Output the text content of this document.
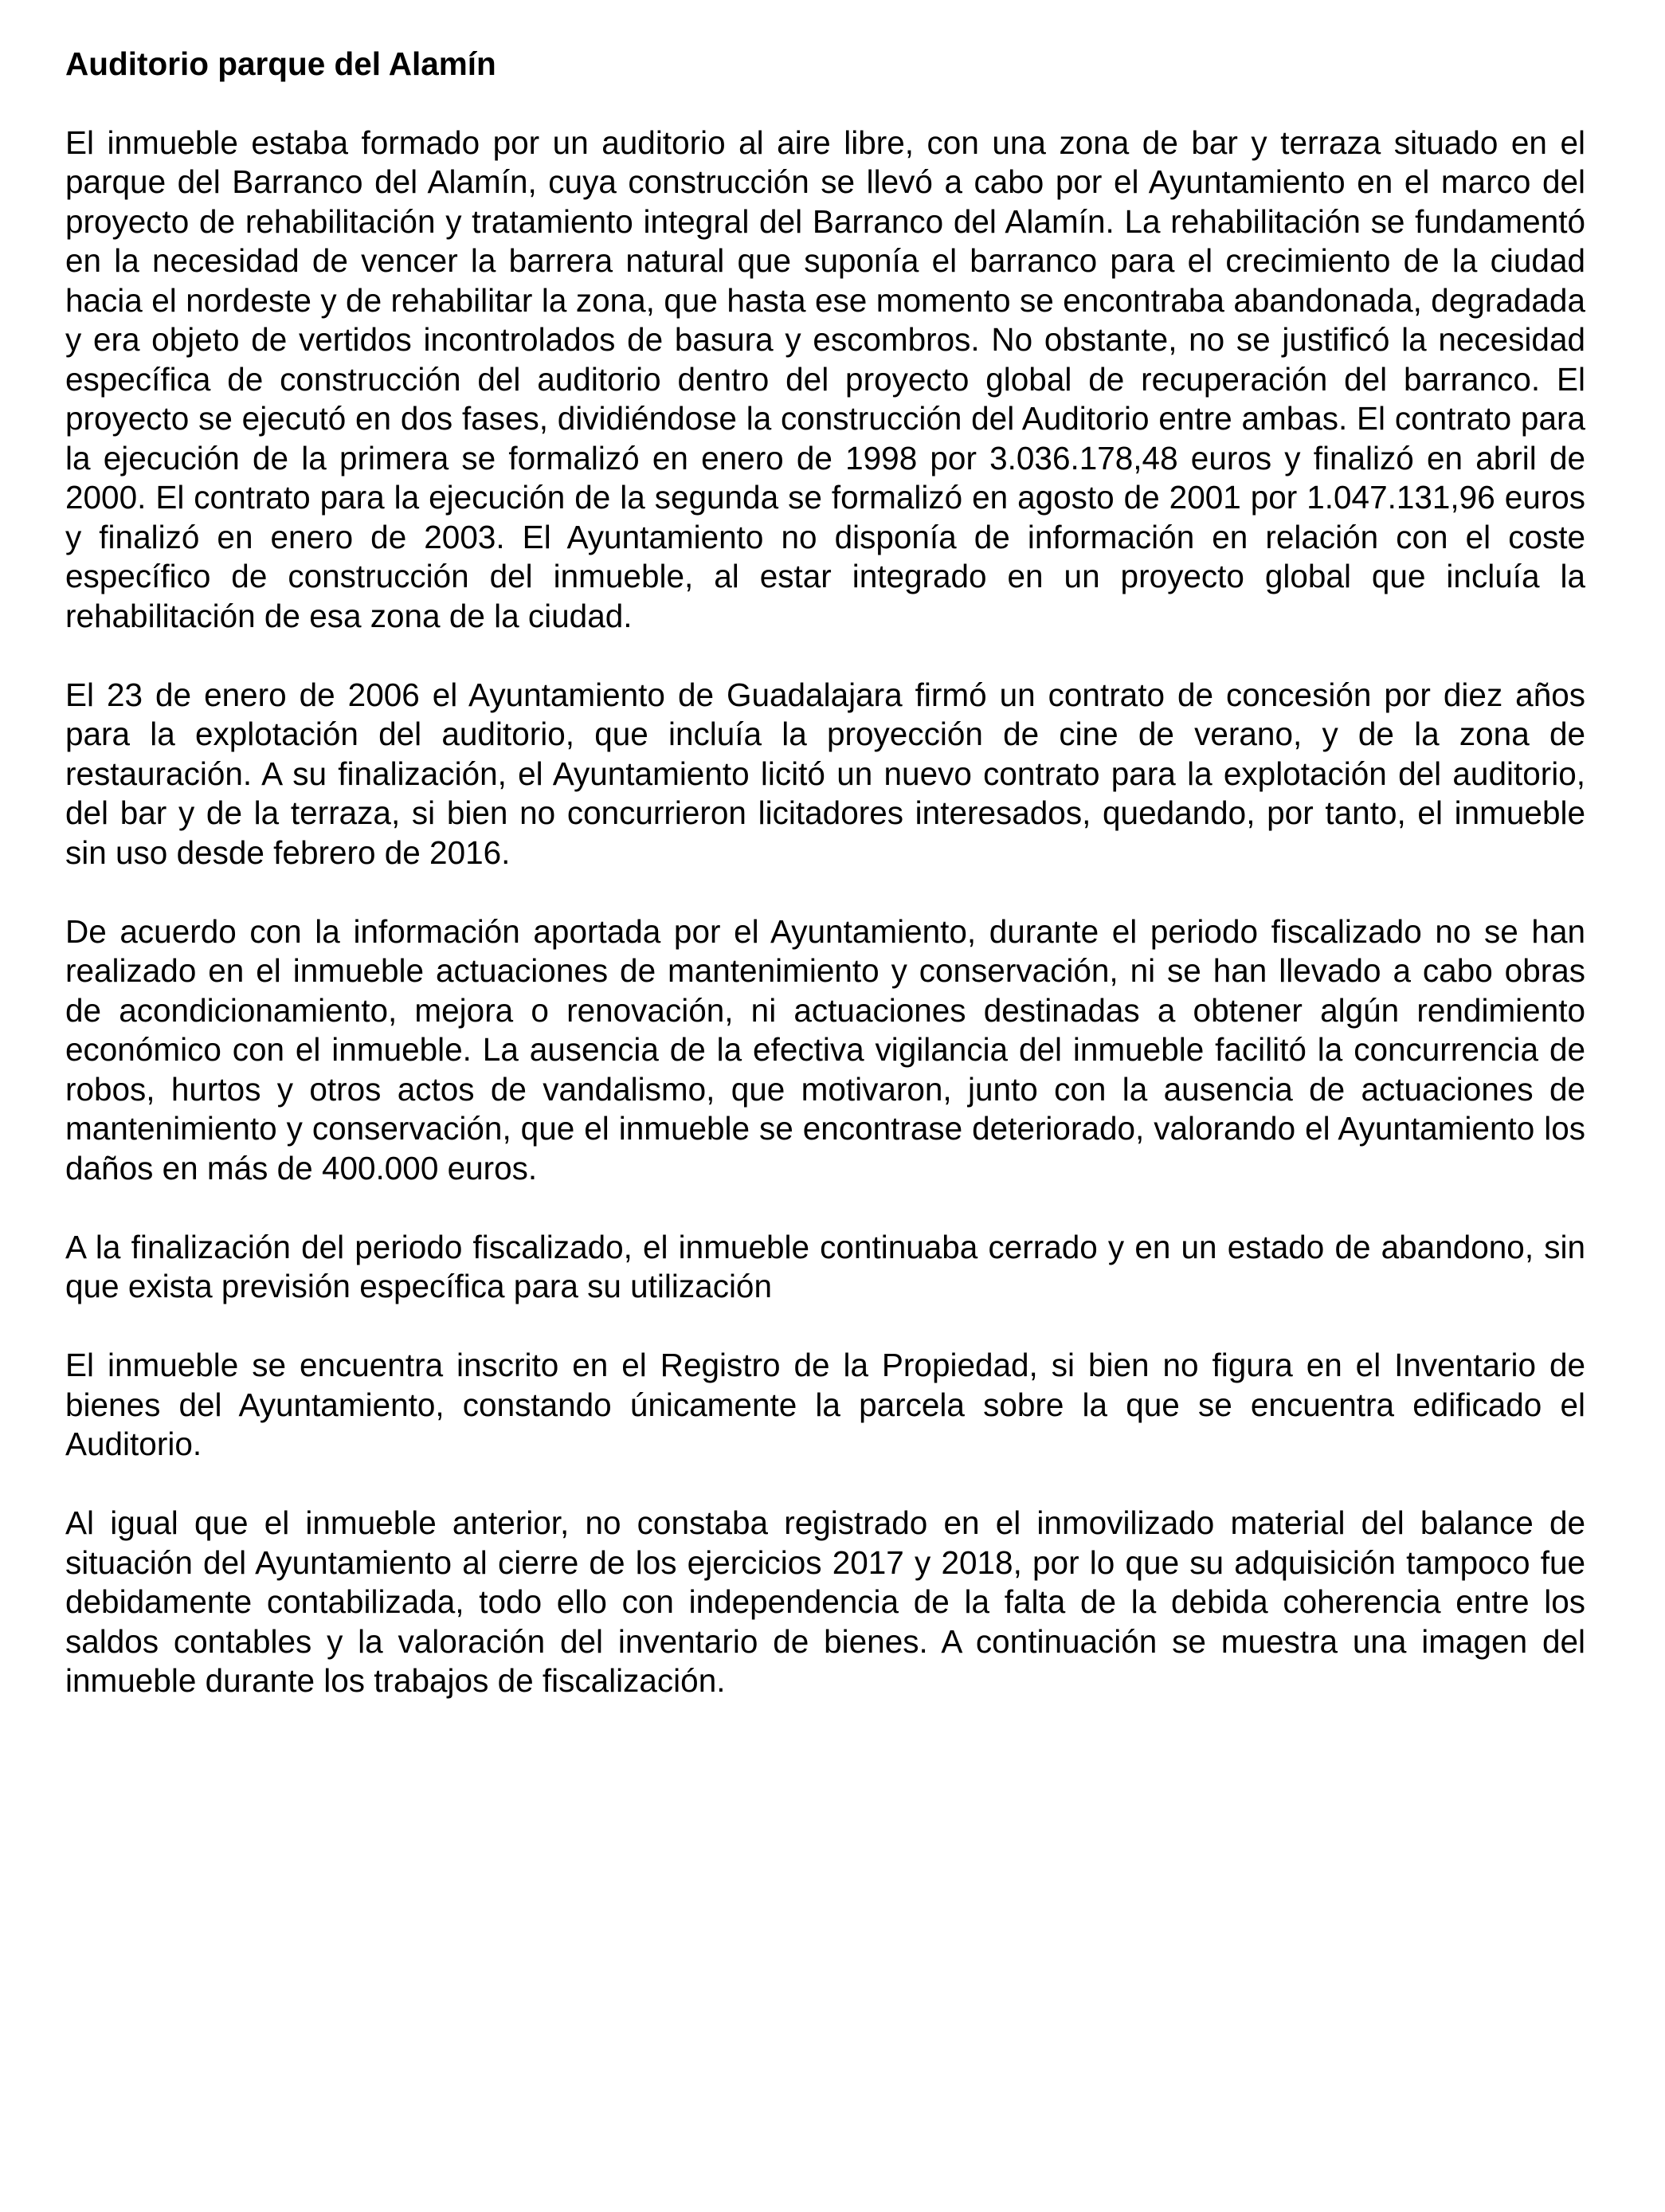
Auditorio parque del Alamín

El inmueble estaba formado por un auditorio al aire libre, con una zona de bar y terraza situado en el parque del Barranco del Alamín, cuya construcción se llevó a cabo por el Ayuntamiento en el marco del proyecto de rehabilitación y tratamiento integral del Barranco del Alamín. La rehabilitación se fundamentó en la necesidad de vencer la barrera natural que suponía el barranco para el crecimiento de la ciudad hacia el nordeste y de rehabilitar la zona, que hasta ese momento se encontraba abandonada, degradada y era objeto de vertidos incontrolados de basura y escombros. No obstante, no se justificó la necesidad específica de construcción del auditorio dentro del proyecto global de recuperación del barranco. El proyecto se ejecutó en dos fases, dividiéndose la construcción del Auditorio entre ambas. El contrato para la ejecución de la primera se formalizó en enero de 1998 por 3.036.178,48 euros y finalizó en abril de 2000. El contrato para la ejecución de la segunda se formalizó en agosto de 2001 por 1.047.131,96 euros y finalizó en enero de 2003. El Ayuntamiento no disponía de información en relación con el coste específico de construcción del inmueble, al estar integrado en un proyecto global que incluía la rehabilitación de esa zona de la ciudad.

El 23 de enero de 2006 el Ayuntamiento de Guadalajara firmó un contrato de concesión por diez años para la explotación del auditorio, que incluía la proyección de cine de verano, y de la zona de restauración. A su finalización, el Ayuntamiento licitó un nuevo contrato para la explotación del auditorio, del bar y de la terraza, si bien no concurrieron licitadores interesados, quedando, por tanto, el inmueble sin uso desde febrero de 2016.

De acuerdo con la información aportada por el Ayuntamiento, durante el periodo fiscalizado no se han realizado en el inmueble actuaciones de mantenimiento y conservación, ni se han llevado a cabo obras de acondicionamiento, mejora o renovación, ni actuaciones destinadas a obtener algún rendimiento económico con el inmueble. La ausencia de la efectiva vigilancia del inmueble facilitó la concurrencia de robos, hurtos y otros actos de vandalismo, que motivaron, junto con la ausencia de actuaciones de mantenimiento y conservación, que el inmueble se encontrase deteriorado, valorando el Ayuntamiento los daños en más de 400.000 euros.

A la finalización del periodo fiscalizado, el inmueble continuaba cerrado y en un estado de abandono, sin que exista previsión específica para su utilización

El inmueble se encuentra inscrito en el Registro de la Propiedad, si bien no figura en el Inventario de bienes del Ayuntamiento, constando únicamente la parcela sobre la que se encuentra edificado el Auditorio.

Al igual que el inmueble anterior, no constaba registrado en el inmovilizado material del balance de situación del Ayuntamiento al cierre de los ejercicios 2017 y 2018, por lo que su adquisición tampoco fue debidamente contabilizada, todo ello con independencia de la falta de la debida coherencia entre los saldos contables y la valoración del inventario de bienes. A continuación se muestra una imagen del inmueble durante los trabajos de fiscalización.
